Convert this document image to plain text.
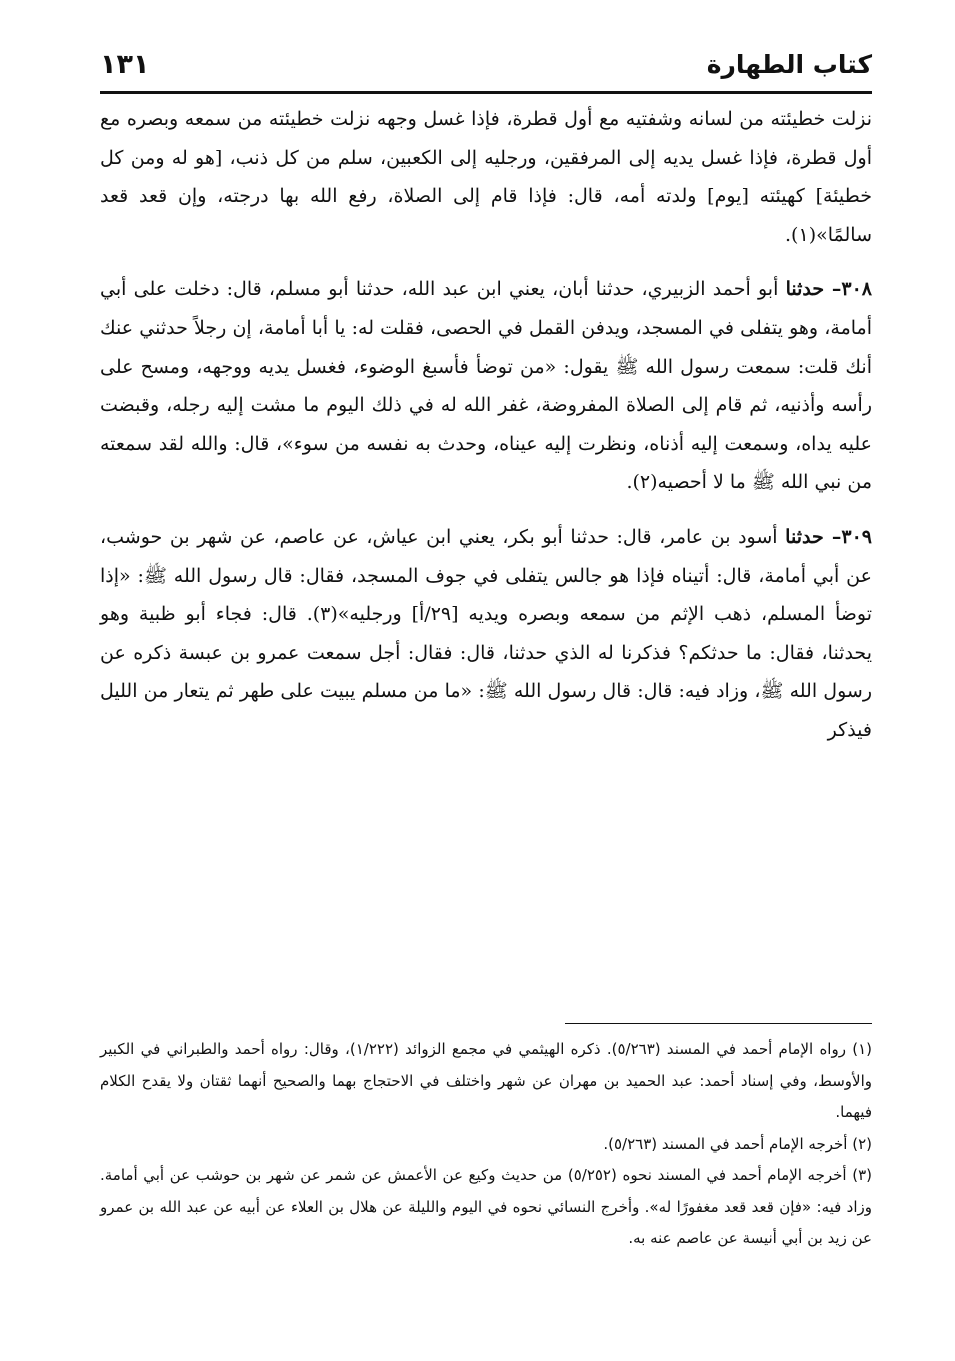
كتاب الطهارة
١٣١

نزلت خطيئته من لسانه وشفتيه مع أول قطرة، فإذا غسل وجهه نزلت خطيئته من سمعه وبصره مع أول قطرة، فإذا غسل يديه إلى المرفقين، ورجليه إلى الكعبين، سلم من كل ذنب، [هو له ومن كل خطيئة] كهيئته [يوم] ولدته أمه، قال: فإذا قام إلى الصلاة، رفع الله بها درجته، وإن قعد قعد سالمًا»(١).

٣٠٨– حدثنا أبو أحمد الزبيري، حدثنا أبان، يعني ابن عبد الله، حدثنا أبو مسلم، قال: دخلت على أبي أمامة، وهو يتفلى في المسجد، ويدفن القمل في الحصى، فقلت له: يا أبا أمامة، إن رجلاً حدثني عنك أنك قلت: سمعت رسول الله ﷺ يقول: «من توضأ فأسبغ الوضوء، فغسل يديه ووجهه، ومسح على رأسه وأذنيه، ثم قام إلى الصلاة المفروضة، غفر الله له في ذلك اليوم ما مشت إليه رجله، وقبضت عليه يداه، وسمعت إليه أذناه، ونظرت إليه عيناه، وحدث به نفسه من سوء»، قال: والله لقد سمعته من نبي الله ﷺ ما لا أحصيه(٢).

٣٠٩– حدثنا أسود بن عامر، قال: حدثنا أبو بكر، يعني ابن عياش، عن عاصم، عن شهر بن حوشب، عن أبي أمامة، قال: أتيناه فإذا هو جالس يتفلى في جوف المسجد، فقال: قال رسول الله ﷺ: «إذا توضأ المسلم، ذهب الإثم من سمعه وبصره ويديه [٢٩/أ] ورجليه»(٣). قال: فجاء أبو ظبية وهو يحدثنا، فقال: ما حدثكم؟ فذكرنا له الذي حدثنا، قال: فقال: أجل سمعت عمرو بن عبسة ذكره عن رسول الله ﷺ، وزاد فيه: قال: قال رسول الله ﷺ: «ما من مسلم يبيت على طهر ثم يتعار من الليل فيذكر

(١) رواه الإمام أحمد في المسند (٥/٢٦٣). ذكره الهيثمي في مجمع الزوائد (١/٢٢٢)، وقال: رواه أحمد والطبراني في الكبير والأوسط، وفي إسناد أحمد: عبد الحميد بن مهران عن شهر واختلف في الاحتجاج بهما والصحيح أنهما ثقتان ولا يقدح الكلام فيهما.

(٢) أخرجه الإمام أحمد في المسند (٥/٢٦٣).

(٣) أخرجه الإمام أحمد في المسند نحوه (٥/٢٥٢) من حديث وكيع عن الأعمش عن شمر عن شهر بن حوشب عن أبي أمامة. وزاد فيه: «فإن قعد قعد مغفورًا له». وأخرج النسائي نحوه في اليوم والليلة عن هلال بن العلاء عن أبيه عن عبد الله بن عمرو عن زيد بن أبي أنيسة عن عاصم عنه به.
